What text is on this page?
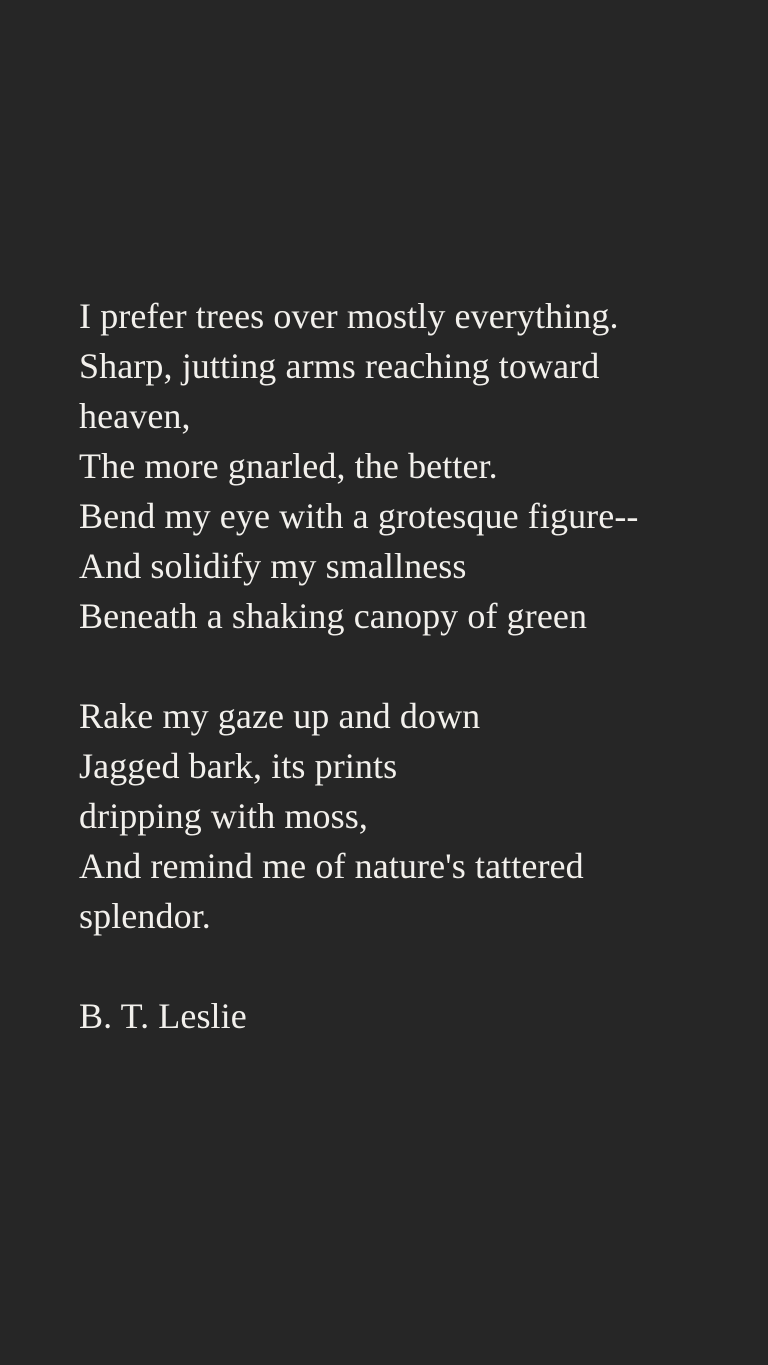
I prefer trees over mostly everything.
Sharp, jutting arms reaching toward
heaven,
The more gnarled, the better.
Bend my eye with a grotesque figure--
And solidify my smallness
Beneath a shaking canopy of green
Rake my gaze up and down
Jagged bark, its prints
dripping with moss,
And remind me of nature's tattered
splendor.
B. T. Leslie
